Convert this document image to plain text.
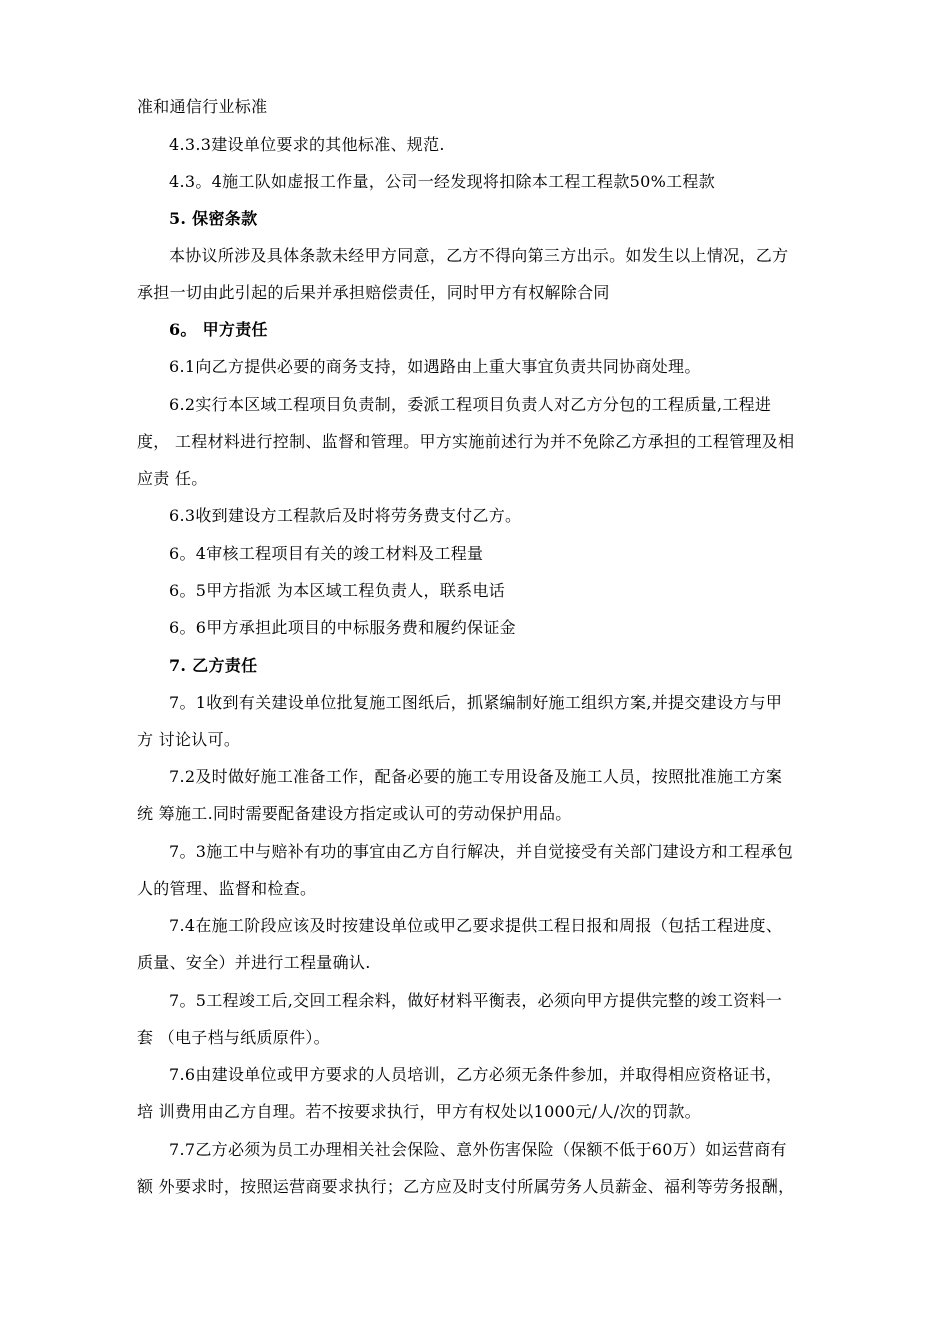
准和通信行业标准
4.3.3建设单位要求的其他标准、规范.
4.3。4施工队如虚报工作量，公司一经发现将扣除本工程工程款50%工程款
5. 保密条款
本协议所涉及具体条款未经甲方同意，乙方不得向第三方出示。如发生以上情况，乙方
承担一切由此引起的后果并承担赔偿责任，同时甲方有权解除合同
6。 甲方责任
6.1向乙方提供必要的商务支持，如遇路由上重大事宜负责共同协商处理。
6.2实行本区域工程项目负责制，委派工程项目负责人对乙方分包的工程质量,工程进
度， 工程材料进行控制、监督和管理。甲方实施前述行为并不免除乙方承担的工程管理及相
应责 任。
6.3收到建设方工程款后及时将劳务费支付乙方。
6。4审核工程项目有关的竣工材料及工程量
6。5甲方指派 为本区域工程负责人，联系电话
6。6甲方承担此项目的中标服务费和履约保证金
7. 乙方责任
7。1收到有关建设单位批复施工图纸后，抓紧编制好施工组织方案,并提交建设方与甲
方 讨论认可。
7.2及时做好施工准备工作，配备必要的施工专用设备及施工人员，按照批准施工方案
统 筹施工.同时需要配备建设方指定或认可的劳动保护用品。
7。3施工中与赔补有功的事宜由乙方自行解决，并自觉接受有关部门建设方和工程承包
人的管理、监督和检查。
7.4在施工阶段应该及时按建设单位或甲乙要求提供工程日报和周报（包括工程进度、
质量、安全）并进行工程量确认.
7。5工程竣工后,交回工程余料，做好材料平衡表，必须向甲方提供完整的竣工资料一
套 （电子档与纸质原件）。
7.6由建设单位或甲方要求的人员培训，乙方必须无条件参加，并取得相应资格证书，
培 训费用由乙方自理。若不按要求执行，甲方有权处以1000元/人/次的罚款。
7.7乙方必须为员工办理相关社会保险、意外伤害保险（保额不低于60万）如运营商有
额 外要求时，按照运营商要求执行；乙方应及时支付所属劳务人员薪金、福利等劳务报酬，
